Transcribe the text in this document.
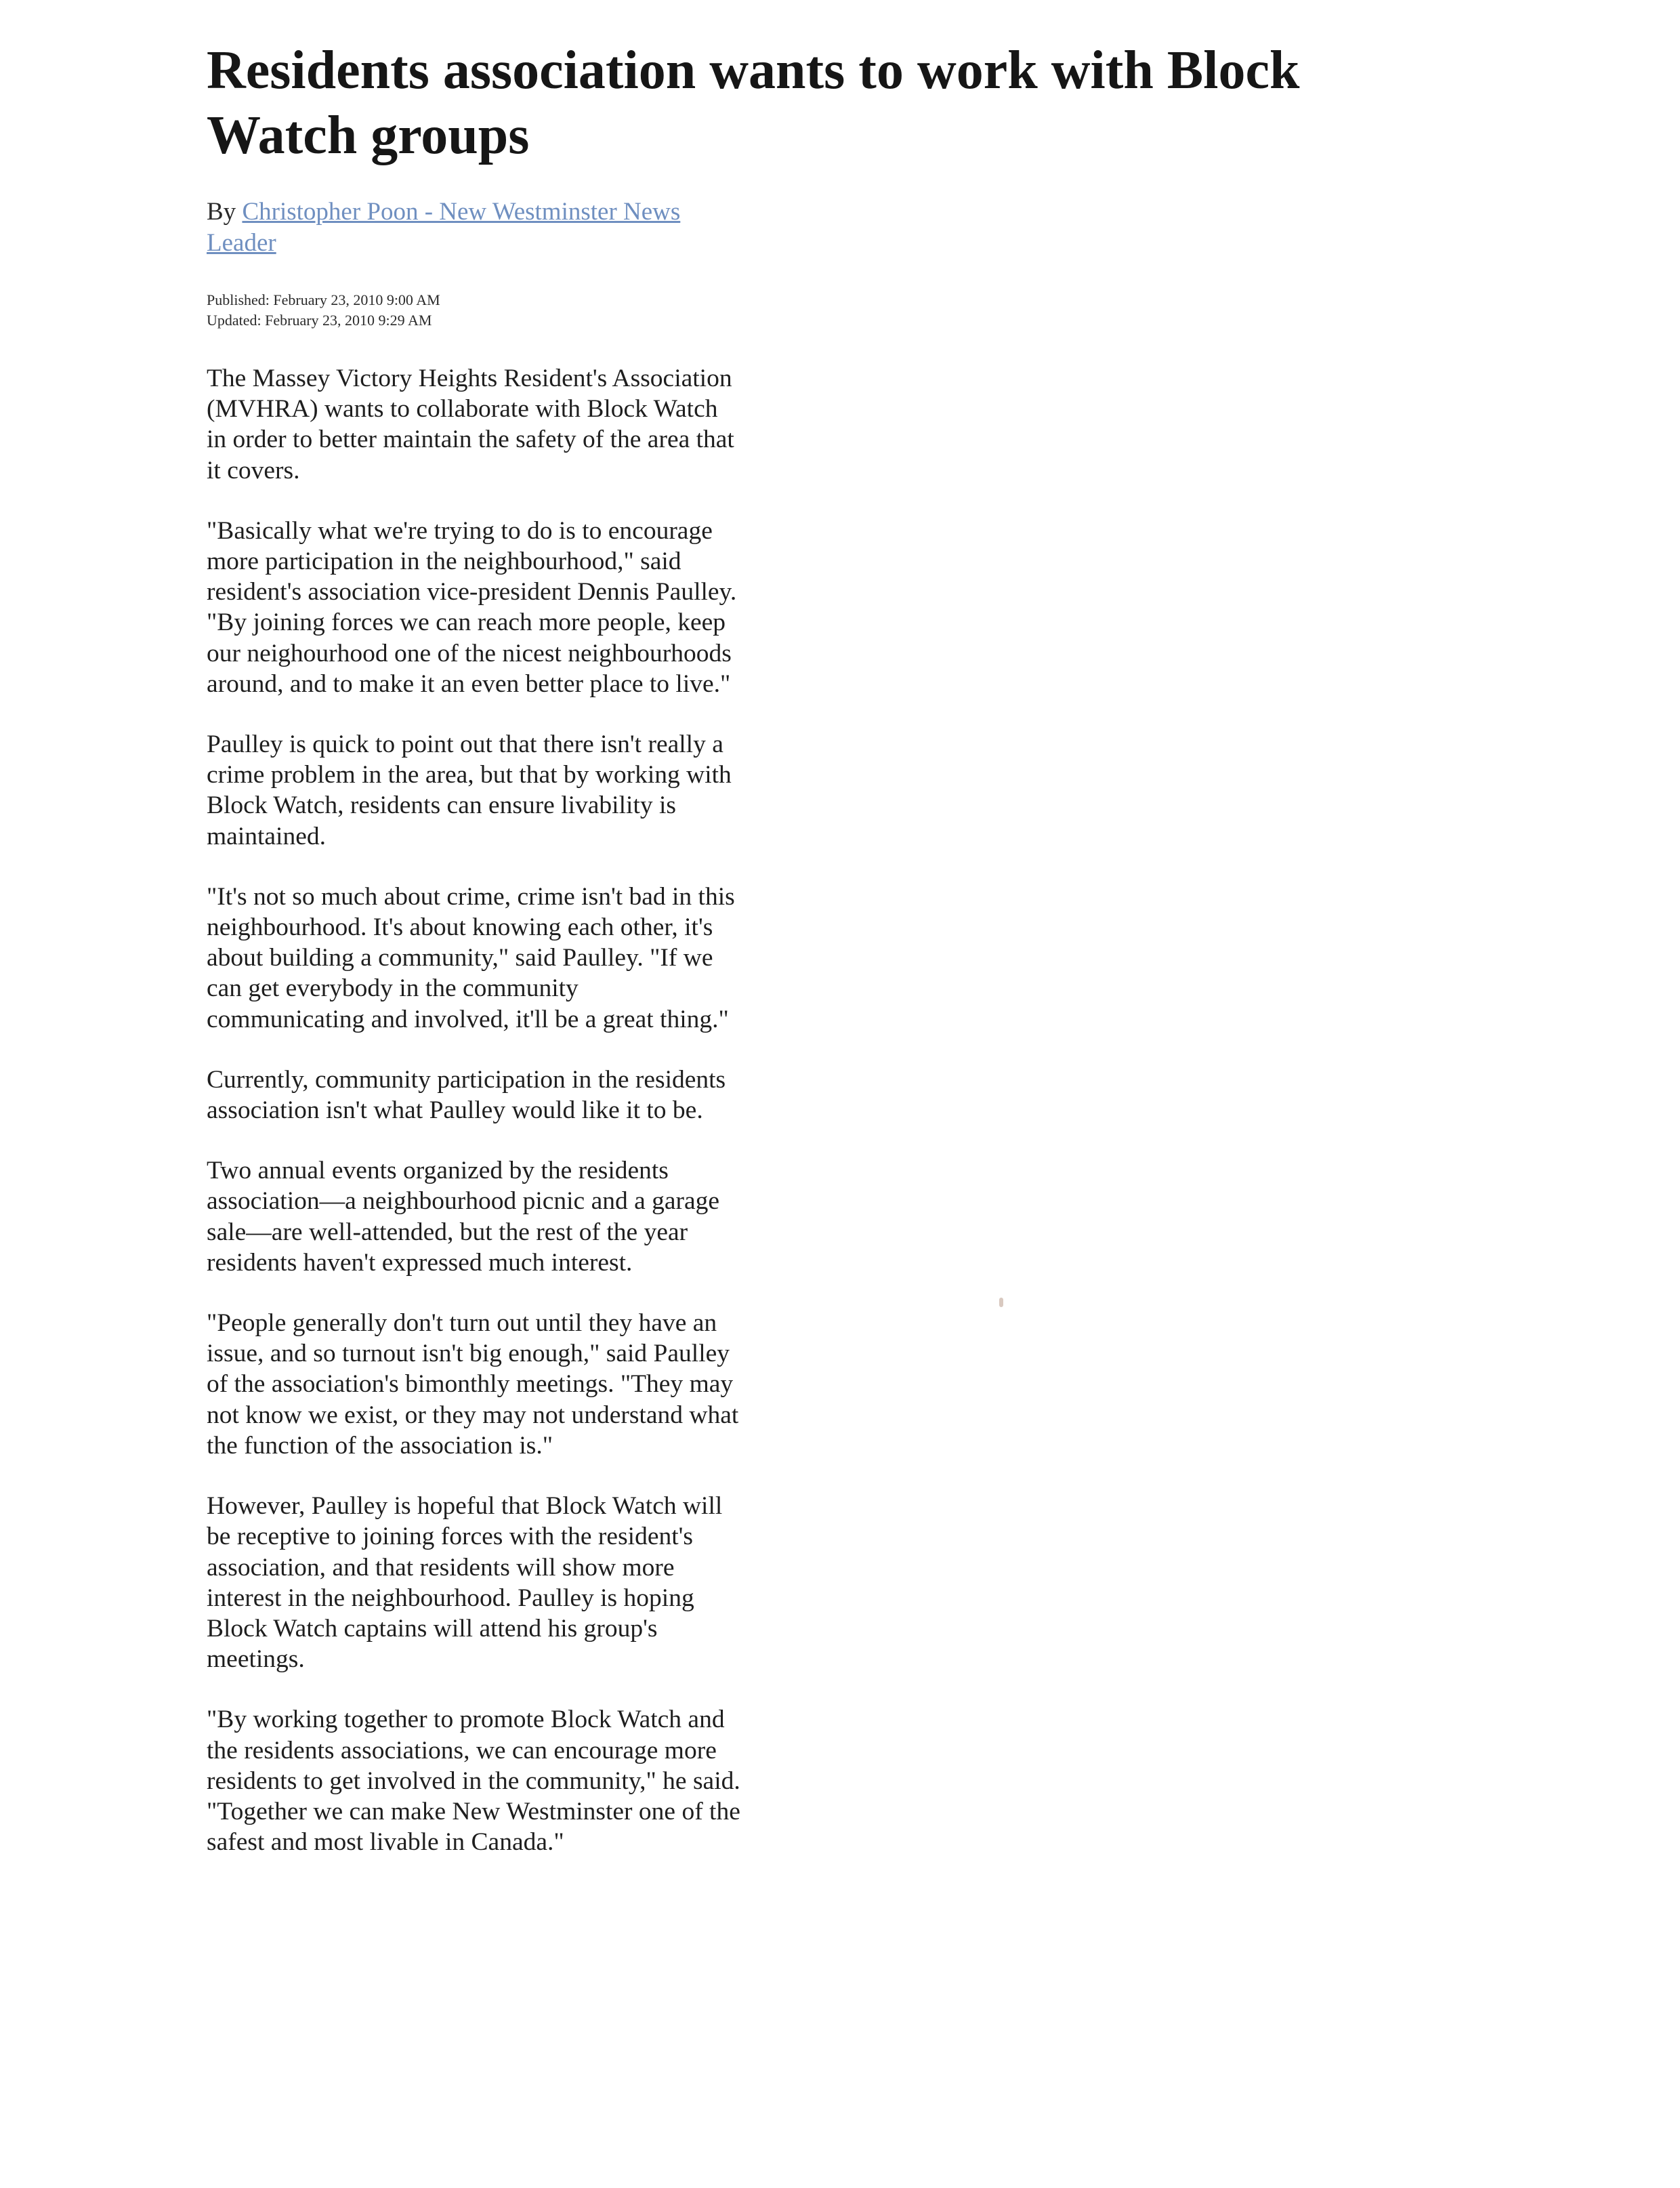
Residents association wants to work with Block Watch groups
By Christopher Poon - New Westminster News Leader
Published: February 23, 2010 9:00 AM
Updated: February 23, 2010 9:29 AM

The Massey Victory Heights Resident's Association (MVHRA) wants to collaborate with Block Watch in order to better maintain the safety of the area that it covers.

"Basically what we're trying to do is to encourage more participation in the neighbourhood," said resident's association vice-president Dennis Paulley. "By joining forces we can reach more people, keep our neighourhood one of the nicest neighbourhoods around, and to make it an even better place to live."

Paulley is quick to point out that there isn't really a crime problem in the area, but that by working with Block Watch, residents can ensure livability is maintained.

"It's not so much about crime, crime isn't bad in this neighbourhood. It's about knowing each other, it's about building a community," said Paulley. "If we can get everybody in the community communicating and involved, it'll be a great thing."

Currently, community participation in the residents association isn't what Paulley would like it to be.

Two annual events organized by the residents association—a neighbourhood picnic and a garage sale—are well-attended, but the rest of the year residents haven't expressed much interest.

"People generally don't turn out until they have an issue, and so turnout isn't big enough," said Paulley of the association's bimonthly meetings. "They may not know we exist, or they may not understand what the function of the association is."

However, Paulley is hopeful that Block Watch will be receptive to joining forces with the resident's association, and that residents will show more interest in the neighbourhood. Paulley is hoping Block Watch captains will attend his group's meetings.

"By working together to promote Block Watch and the residents associations, we can encourage more residents to get involved in the community," he said. "Together we can make New Westminster one of the safest and most livable in Canada."
